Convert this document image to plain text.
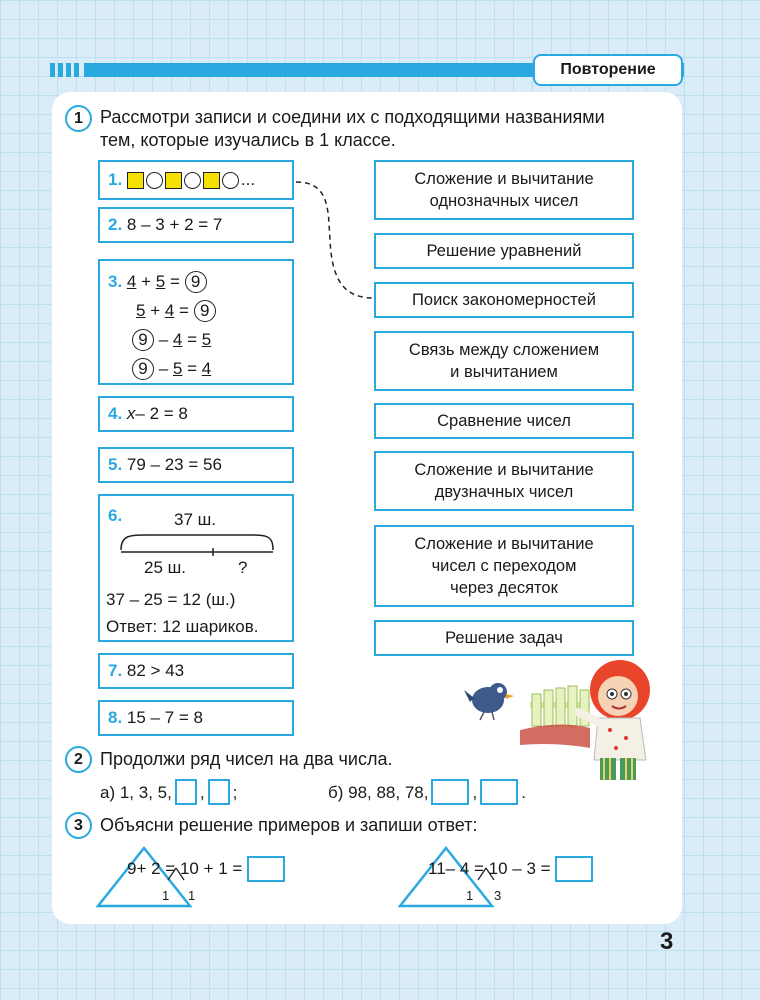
Повторение
1 Рассмотри записи и соедини их с подходящими названиями
тем, которые изучались в 1 классе.
1.
	...
2.
8 – 3 + 2 = 7
3. 4 + 5 = 9
5 + 4 = 9
9 – 4 = 5
9 – 5 = 4
4.
x – 2 = 8
5.
79 – 23 = 56
6.	37 ш.
25 ш.	?
37 – 25 = 12 (ш.)
Ответ: 12 шариков.
7.
82 > 43
8.
15 – 7 = 8
Сложение и вычитание
однозначных чисел
Решение уравнений
Поиск закономерностей
Связь между сложением
и вычитанием
Сравнение чисел
Сложение и вычитание
двузначных чисел
Сложение и вычитание
чисел с переходом
через десяток
Решение задач
2 Продолжи ряд чисел на два числа.
а) 1, 3, 5, , ;	б) 98, 88, 78,	,	.
3 Объясни решение примеров и запиши ответ:
9 + 2 = 10 + 1 =

1 1
11 – 4 = 10 – 3 =

1 3
3
